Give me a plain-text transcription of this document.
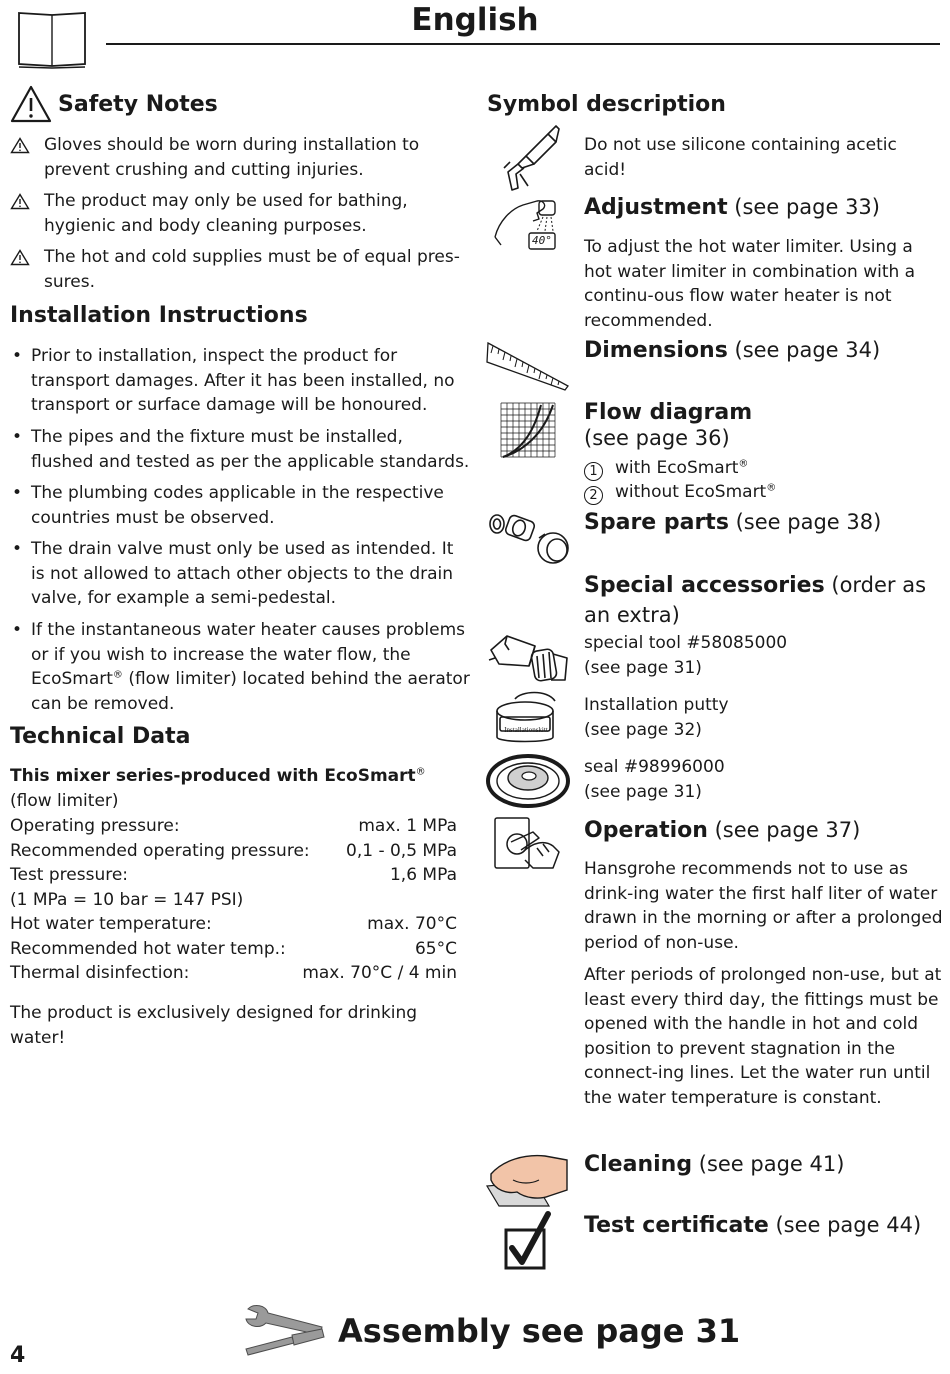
English
Safety Notes
Gloves should be worn during installation to prevent crushing and cutting injuries.
The product may only be used for bathing, hygienic and body cleaning purposes.
The hot and cold supplies must be of equal pres-sures.
Installation Instructions
• Prior to installation, inspect the product for transport damages. After it has been installed, no transport or surface damage will be honoured.
• The pipes and the fixture must be installed, flushed and tested as per the applicable standards.
• The plumbing codes applicable in the respective countries must be observed.
• The drain valve must only be used as intended. It is not allowed to attach other objects to the drain valve, for example a semi-pedestal.
• If the instantaneous water heater causes problems or if you wish to increase the water flow, the EcoSmart® (flow limiter) located behind the aerator can be removed.
Technical Data
This mixer series-produced with EcoSmart® (flow limiter)
Operating pressure:	max. 1 MPa
Recommended operating pressure: 0,1 - 0,5 MPa
Test pressure:	1,6 MPa
(1 MPa = 10 bar = 147 PSI)
Hot water temperature:	max. 70°C
Recommended hot water temp.:	65°C
Thermal disinfection:	max. 70°C / 4 min
The product is exclusively designed for drinking water!
Symbol description
Do not use silicone containing acetic acid!
40°
Adjustment (see page 33)
To adjust the hot water limiter. Using a hot water limiter in combination with a continu-ous flow water heater is not recommended.
Dimensions (see page 34)
Flow diagram
(see page 36)
1 with EcoSmart®
2 without EcoSmart®
Spare parts (see page 38)
Special accessories (order as an extra)
special tool #58085000
(see page 31)
Installationskitt
Installation putty
(see page 32)
seal #98996000
(see page 31)
Operation (see page 37)
Hansgrohe recommends not to use as drink-ing water the first half liter of water drawn in the morning or after a prolonged period of non-use.
After periods of prolonged non-use, but at least every third day, the fittings must be opened with the handle in hot and cold position to prevent stagnation in the connect-ing lines. Let the water run until the water temperature is constant.
Cleaning (see page 41)
Test certificate (see page 44)
Assembly see page 31
4
